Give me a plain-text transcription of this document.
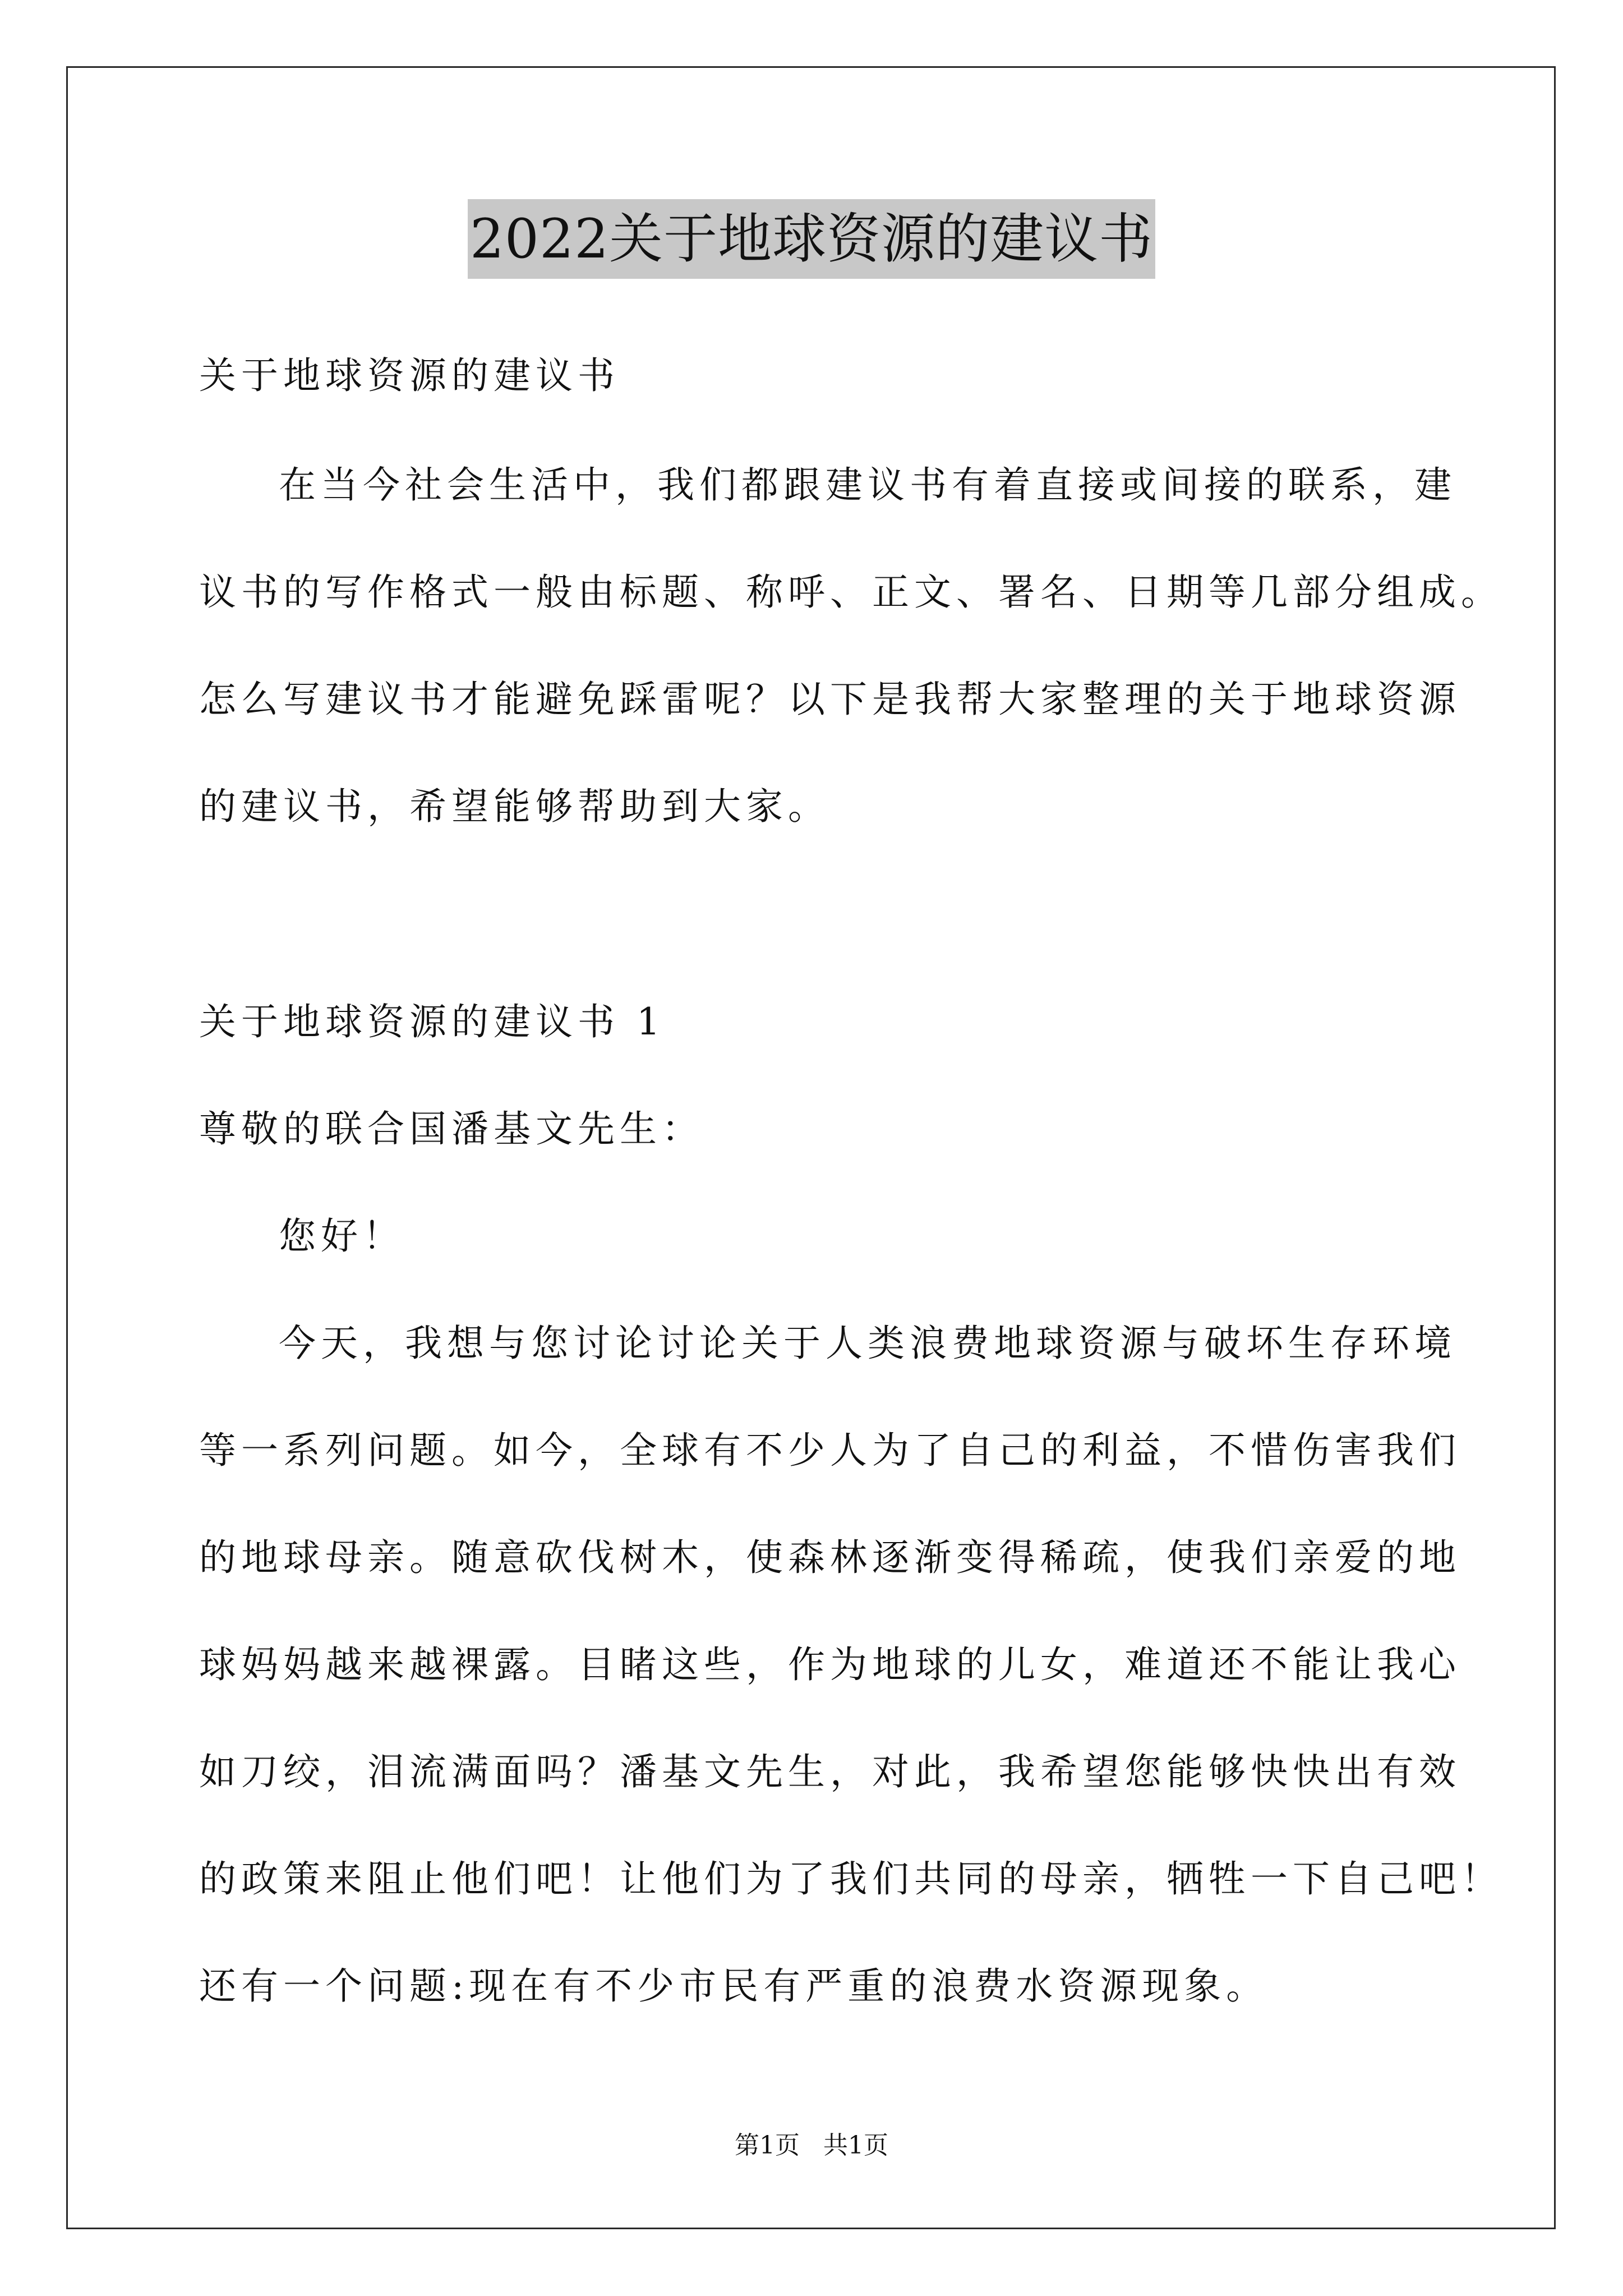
2022关于地球资源的建议书
关于地球资源的建议书
在当今社会生活中，我们都跟建议书有着直接或间接的联系，建
议书的写作格式一般由标题、称呼、正文、署名、日期等几部分组成。
怎么写建议书才能避免踩雷呢？以下是我帮大家整理的关于地球资源
的建议书，希望能够帮助到大家。
关于地球资源的建议书 1
尊敬的联合国潘基文先生：
您好！
今天，我想与您讨论讨论关于人类浪费地球资源与破坏生存环境
等一系列问题。如今，全球有不少人为了自己的利益，不惜伤害我们
的地球母亲。随意砍伐树木，使森林逐渐变得稀疏，使我们亲爱的地
球妈妈越来越裸露。目睹这些，作为地球的儿女，难道还不能让我心
如刀绞，泪流满面吗？潘基文先生，对此，我希望您能够快快出有效
的政策来阻止他们吧！让他们为了我们共同的母亲，牺牲一下自己吧！
还有一个问题:现在有不少市民有严重的浪费水资源现象。
第1页 共1页
